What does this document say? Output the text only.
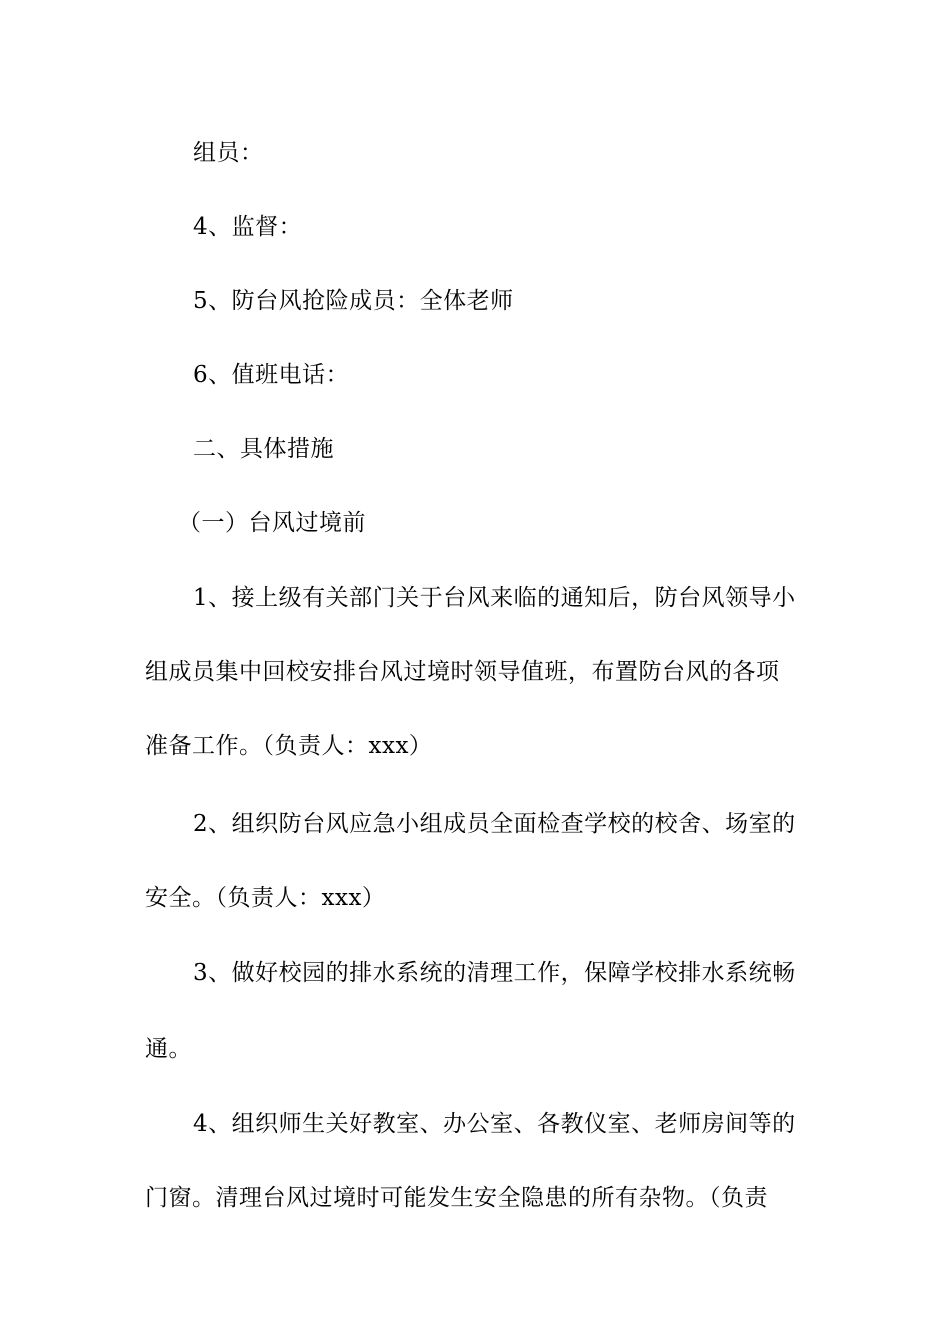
组员：
4、监督：
5、防台风抢险成员：全体老师
6、值班电话：
二、具体措施
（一）台风过境前
1、接上级有关部门关于台风来临的通知后，防台风领导小
组成员集中回校安排台风过境时领导值班，布置防台风的各项
准备工作。（负责人：xxx）
2、组织防台风应急小组成员全面检查学校的校舍、场室的
安全。（负责人：xxx）
3、做好校园的排水系统的清理工作，保障学校排水系统畅
通。
4、组织师生关好教室、办公室、各教仪室、老师房间等的
门窗。清理台风过境时可能发生安全隐患的所有杂物。（负责
